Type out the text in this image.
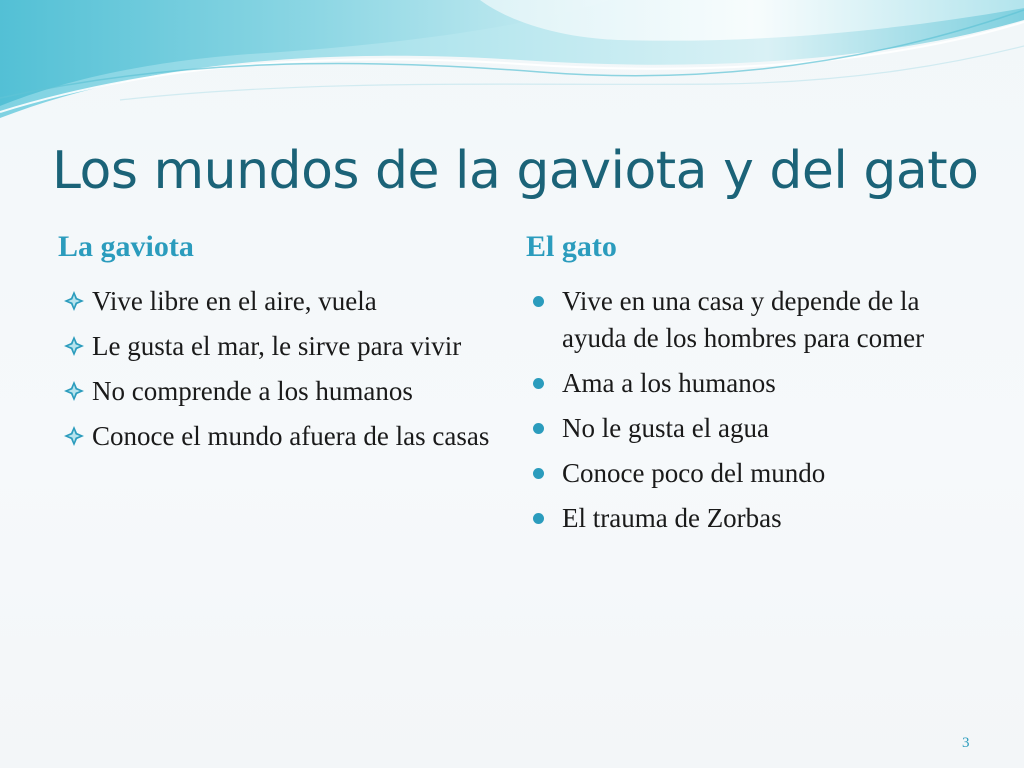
Los mundos de la gaviota y del gato
La gaviota	El gato
Vive libre en el aire, vuela
Le gusta el mar, le sirve para vivir
No comprende a los humanos
Conoce el mundo afuera de las casas
Vive en una casa y depende de la ayuda de los hombres para comer
Ama a los humanos
No le gusta el agua
Conoce poco del mundo
El trauma de Zorbas
3
